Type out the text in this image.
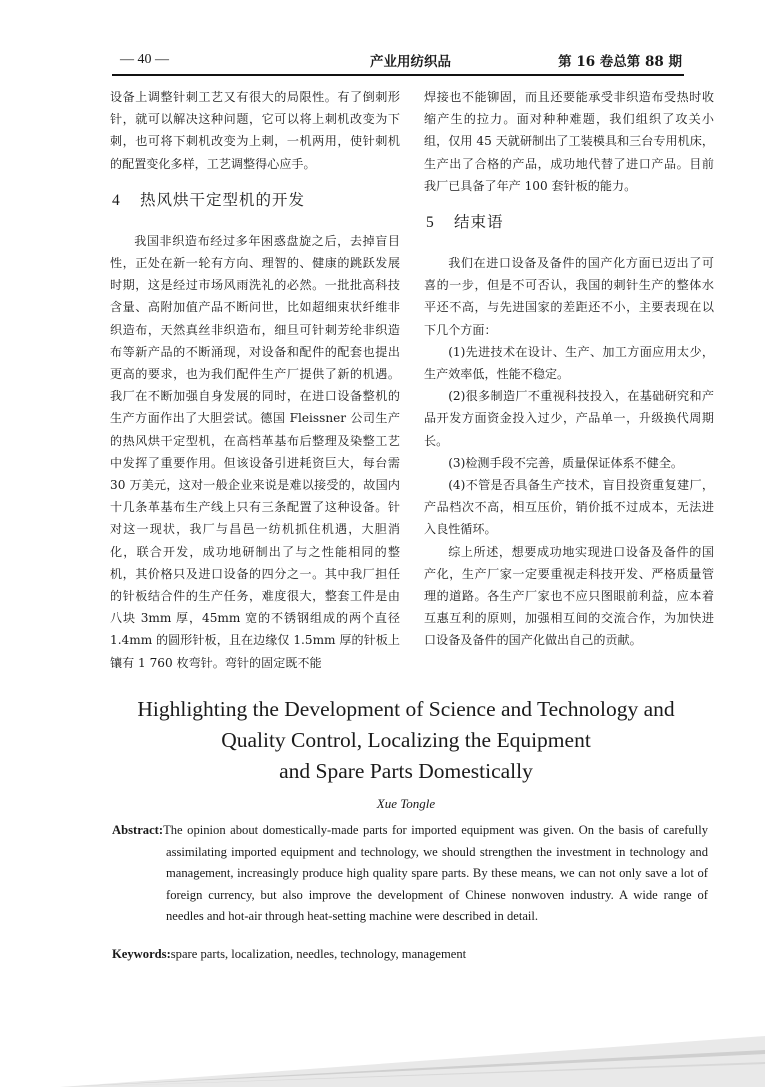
— 40 —	产业用纺织品	第 16 卷总第 88 期

设备上调整针刺工艺又有很大的局限性。有了倒刺形针，就可以解决这种问题，它可以将上刺机改变为下刺，也可将下刺机改变为上刺，一机两用，使针刺机的配置变化多样，工艺调整得心应手。

4 热风烘干定型机的开发

我国非织造布经过多年困惑盘旋之后，去掉盲目性，正处在新一轮有方向、理智的、健康的跳跃发展时期，这是经过市场风雨洗礼的必然。一批批高科技含量、高附加值产品不断问世，比如超细束状纤维非织造布，天然真丝非织造布，细旦可针刺芳纶非织造布等新产品的不断涌现，对设备和配件的配套也提出更高的要求，也为我们配件生产厂提供了新的机遇。我厂在不断加强自身发展的同时，在进口设备整机的生产方面作出了大胆尝试。德国 Fleissner 公司生产的热风烘干定型机，在高档革基布后整理及染整工艺中发挥了重要作用。但该设备引进耗资巨大，每台需 30 万美元，这对一般企业来说是难以接受的，故国内十几条革基布生产线上只有三条配置了这种设备。针对这一现状，我厂与昌邑一纺机抓住机遇，大胆消化，联合开发，成功地研制出了与之性能相同的整机，其价格只及进口设备的四分之一。其中我厂担任的针板结合件的生产任务，难度很大，整套工件是由八块 3mm 厚，45mm 宽的不锈钢组成的两个直径 1.4mm 的圆形针板，且在边缘仅 1.5mm 厚的针板上镶有 1 760 枚弯针。弯针的固定既不能

焊接也不能铆固，而且还要能承受非织造布受热时收缩产生的拉力。面对种种难题，我们组织了攻关小组，仅用 45 天就研制出了工装模具和三台专用机床，生产出了合格的产品，成功地代替了进口产品。目前我厂已具备了年产 100 套针板的能力。

5 结束语

我们在进口设备及备件的国产化方面已迈出了可喜的一步，但是不可否认，我国的刺针生产的整体水平还不高，与先进国家的差距还不小，主要表现在以下几个方面：

(1)先进技术在设计、生产、加工方面应用太少，生产效率低，性能不稳定。

(2)很多制造厂不重视科技投入，在基础研究和产品开发方面资金投入过少，产品单一，升级换代周期长。

(3)检测手段不完善，质量保证体系不健全。

(4)不管是否具备生产技术，盲目投资重复建厂，产品档次不高，相互压价，销价抵不过成本，无法进入良性循环。

综上所述，想要成功地实现进口设备及备件的国产化，生产厂家一定要重视走科技开发、严格质量管理的道路。各生产厂家也不应只图眼前利益，应本着互惠互利的原则，加强相互间的交流合作，为加快进口设备及备件的国产化做出自己的贡献。

Highlighting the Development of Science and Technology and
Quality Control, Localizing the Equipment
and Spare Parts Domestically
Xue Tongle
Abstract:The opinion about domestically-made parts for imported equipment was given. On the basis of carefully assimilating imported equipment and technology, we should strengthen the investment in technology and management, increasingly produce high quality spare parts. By these means, we can not only save a lot of foreign currency, but also improve the development of Chinese nonwoven industry. A wide range of needles and hot-air through heat-setting machine were described in detail.
Keywords:spare parts, localization, needles, technology, management
